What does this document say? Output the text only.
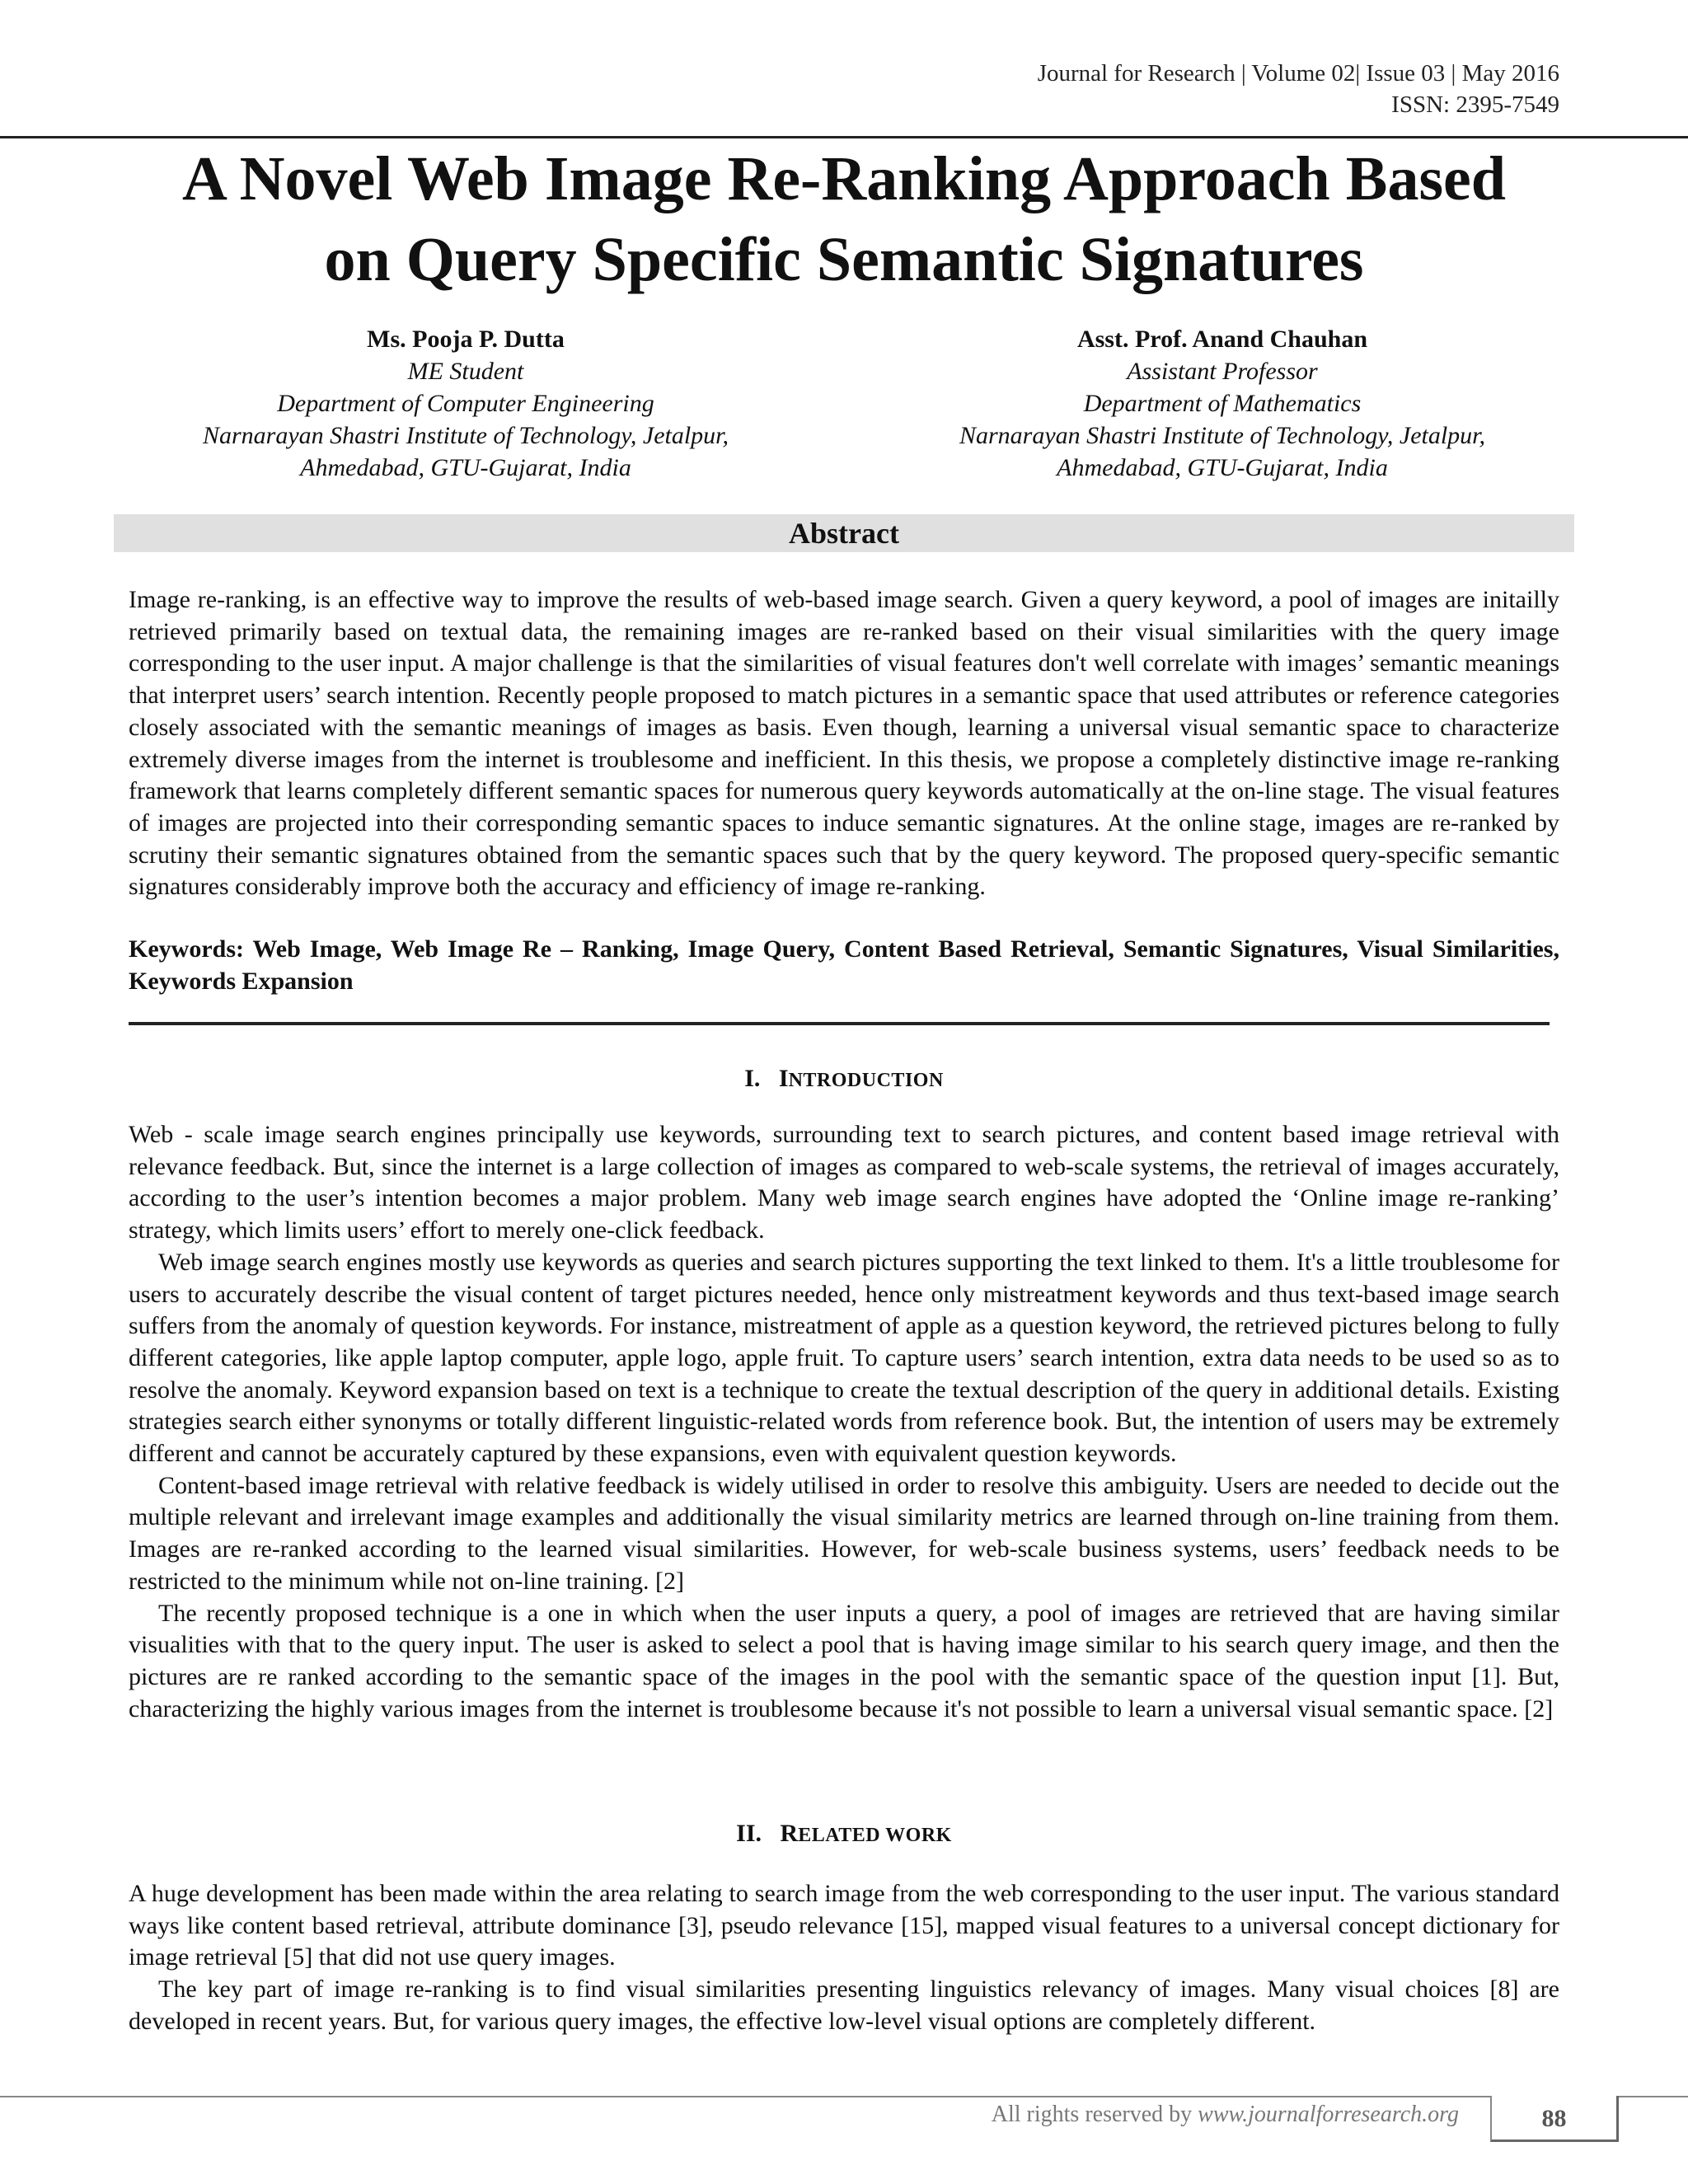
Journal for Research | Volume 02| Issue 03 | May 2016
ISSN: 2395-7549
A Novel Web Image Re-Ranking Approach Based
on Query Specific Semantic Signatures
Ms. Pooja P. Dutta
ME Student
Department of Computer Engineering
Narnarayan Shastri Institute of Technology, Jetalpur,
Ahmedabad, GTU-Gujarat, India
Asst. Prof. Anand Chauhan
Assistant Professor
Department of Mathematics
Narnarayan Shastri Institute of Technology, Jetalpur,
Ahmedabad, GTU-Gujarat, India
Abstract

Image re-ranking, is an effective way to improve the results of web-based image search. Given a query keyword, a pool of images are initailly retrieved primarily based on textual data, the remaining images are re-ranked based on their visual similarities with the query image corresponding to the user input. A major challenge is that the similarities of visual features don't well correlate with images’ semantic meanings that interpret users’ search intention. Recently people proposed to match pictures in a semantic space that used attributes or reference categories closely associated with the semantic meanings of images as basis. Even though, learning a universal visual semantic space to characterize extremely diverse images from the internet is troublesome and inefficient. In this thesis, we propose a completely distinctive image re-ranking framework that learns completely different semantic spaces for numerous query keywords automatically at the on-line stage. The visual features of images are projected into their corresponding semantic spaces to induce semantic signatures. At the online stage, images are re-ranked by scrutiny their semantic signatures obtained from the semantic spaces such that by the query keyword. The proposed query-specific semantic signatures considerably improve both the accuracy and efficiency of image re-ranking.

Keywords: Web Image, Web Image Re – Ranking, Image Query, Content Based Retrieval, Semantic Signatures, Visual Similarities, Keywords Expansion
I. INTRODUCTION

Web - scale image search engines principally use keywords, surrounding text to search pictures, and content based image retrieval with relevance feedback. But, since the internet is a large collection of images as compared to web-scale systems, the retrieval of images accurately, according to the user’s intention becomes a major problem. Many web image search engines have adopted the ‘Online image re-ranking’ strategy, which limits users’ effort to merely one-click feedback.

Web image search engines mostly use keywords as queries and search pictures supporting the text linked to them. It's a little troublesome for users to accurately describe the visual content of target pictures needed, hence only mistreatment keywords and thus text-based image search suffers from the anomaly of question keywords. For instance, mistreatment of apple as a question keyword, the retrieved pictures belong to fully different categories, like apple laptop computer, apple logo, apple fruit. To capture users’ search intention, extra data needs to be used so as to resolve the anomaly. Keyword expansion based on text is a technique to create the textual description of the query in additional details. Existing strategies search either synonyms or totally different linguistic-related words from reference book. But, the intention of users may be extremely different and cannot be accurately captured by these expansions, even with equivalent question keywords.

Content-based image retrieval with relative feedback is widely utilised in order to resolve this ambiguity. Users are needed to decide out the multiple relevant and irrelevant image examples and additionally the visual similarity metrics are learned through on-line training from them. Images are re-ranked according to the learned visual similarities. However, for web-scale business systems, users’ feedback needs to be restricted to the minimum while not on-line training. [2]

The recently proposed technique is a one in which when the user inputs a query, a pool of images are retrieved that are having similar visualities with that to the query input. The user is asked to select a pool that is having image similar to his search query image, and then the pictures are re ranked according to the semantic space of the images in the pool with the semantic space of the question input [1]. But, characterizing the highly various images from the internet is troublesome because it's not possible to learn a universal visual semantic space. [2]

II. RELATED WORK

A huge development has been made within the area relating to search image from the web corresponding to the user input. The various standard ways like content based retrieval, attribute dominance [3], pseudo relevance [15], mapped visual features to a universal concept dictionary for image retrieval [5] that did not use query images.

The key part of image re-ranking is to find visual similarities presenting linguistics relevancy of images. Many visual choices [8] are developed in recent years. But, for various query images, the effective low-level visual options are completely different.

All rights reserved by www.journalforresearch.org	88
